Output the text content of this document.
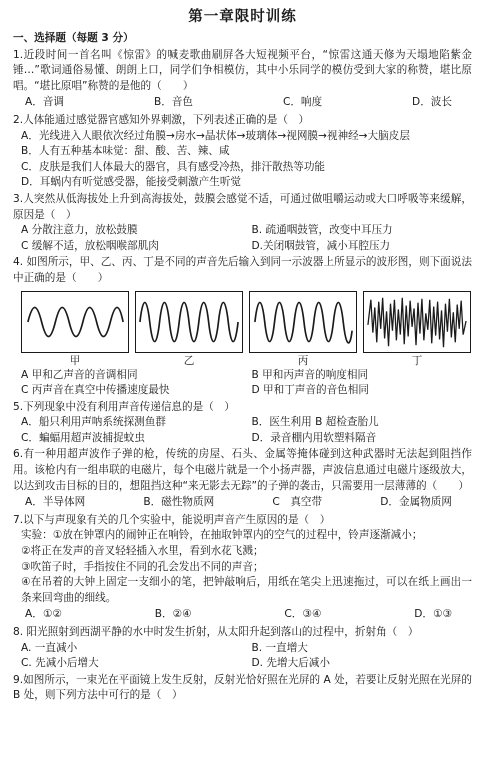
第一章限时训练
一、选择题（每题 3 分）
1.近段时间一首名叫《惊雷》的喊麦歌曲刷屏各大短视频平台，“惊雷这通天修为天塌地陷紫金锤…”歌词通俗易懂、朗朗上口，同学们争相模仿，其中小乐同学的模仿受到大家的称赞，堪比原唱。“堪比原唱”称赞的是他的（　　）
A．音调	B．音色	C．响度	D．波长
2.人体能通过感觉器官感知外界刺激，下列表述正确的是（　）
A．光线进入人眼依次经过角膜→房水→晶状体→玻璃体→视网膜→视神经→大脑皮层
B．人有五种基本味觉：甜、酸、苦、辣、咸
C．皮肤是我们人体最大的器官，具有感受冷热，排汗散热等功能
D．耳蜗内有听觉感受器，能接受刺激产生听觉
3.人突然从低海拔处上升到高海拔处，鼓膜会感觉不适，可通过做咀嚼运动或大口呼吸等来缓解，原因是（　）
A 分散注意力，放松鼓膜	B. 疏通咽鼓管，改变中耳压力
C 缓解不适，放松咽喉部肌肉	D.关闭咽鼓管，减小耳腔压力
4. 如图所示，甲、乙、丙、丁是不同的声音先后输入到同一示波器上所显示的波形图，则下面说法中正确的是（　　）
甲	乙	丙	丁
A 甲和乙声音的音调相同	B 甲和丙声音的响度相同
C 丙声音在真空中传播速度最快	D 甲和丁声音的音色相同
5.下列现象中没有利用声音传递信息的是（　）
A．船只利用声呐系统探测鱼群	B．医生利用 B 超检查胎儿
C．蝙蝠用超声波捕捉蚊虫	D．录音棚内用软塑料隔音
6.有一种用超声波作子弹的枪，传统的房屋、石头、金属等掩体碰到这种武器时无法起到阻挡作用。该枪内有一组串联的电磁片，每个电磁片就是一个小扬声器，声波信息通过电磁片逐级放大，以达到攻击目标的目的，想阻挡这种“来无影去无踪”的子弹的袭击，只需要用一层薄薄的（　　）
A．半导体网	B．磁性物质网	C　真空带	D．金属物质网
7.以下与声现象有关的几个实验中，能说明声音产生原因的是（　）
实验：①放在钟罩内的闹钟正在响铃，在抽取钟罩内的空气的过程中，铃声逐渐减小；
②将正在发声的音叉轻轻插入水里，看到水花飞溅；
③吹笛子时，手指按住不同的孔会发出不同的声音；
④在吊着的大钟上固定一支细小的笔，把钟敲响后，用纸在笔尖上迅速拖过，可以在纸上画出一条来回弯曲的细线。
A．①②	B．②④	C．③④	D．①③
8. 阳光照射到西湖平静的水中时发生折射，从太阳升起到落山的过程中，折射角（　）
A. 一直减小	B. 一直增大
C. 先减小后增大	D. 先增大后减小
9.如图所示，一束光在平面镜上发生反射，反射光恰好照在光屏的 A 处，若要让反射光照在光屏的 B 处，则下列方法中可行的是（　）
